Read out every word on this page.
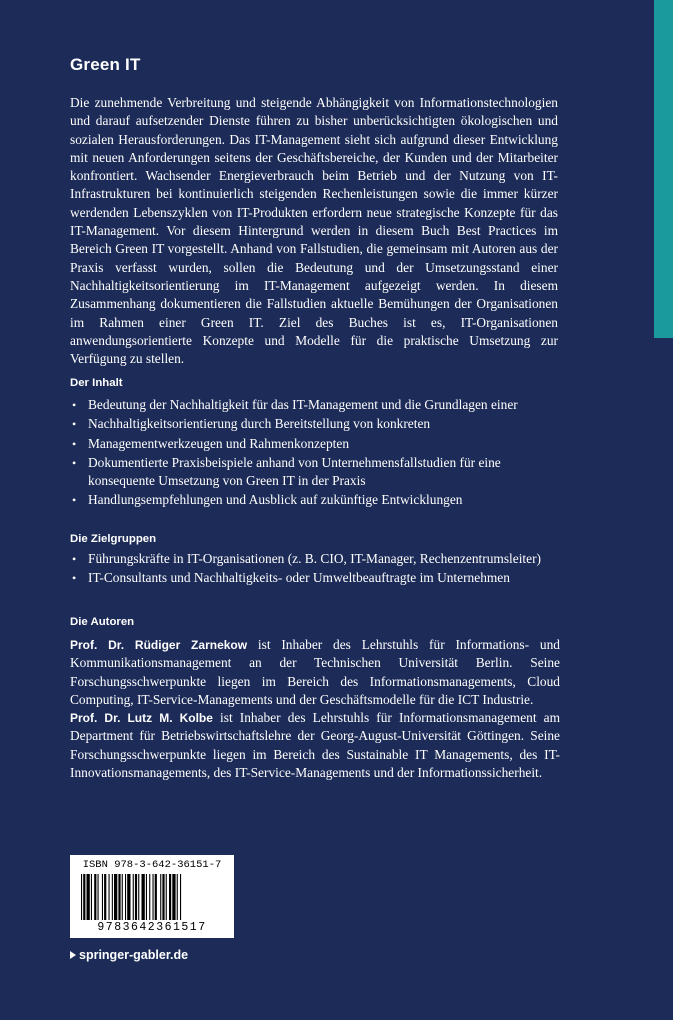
Green IT

Die zunehmende Verbreitung und steigende Abhängigkeit von Informationstechnologien und darauf aufsetzender Dienste führen zu bisher unberücksichtigten ökologischen und sozialen Herausforderungen. Das IT-Management sieht sich aufgrund dieser Entwicklung mit neuen Anforderungen seitens der Geschäftsbereiche, der Kunden und der Mitarbeiter konfrontiert. Wachsender Energieverbrauch beim Betrieb und der Nutzung von IT-Infrastrukturen bei kontinuierlich steigenden Rechenleistungen sowie die immer kürzer werdenden Lebenszyklen von IT-Produkten erfordern neue strategische Konzepte für das IT-Management. Vor diesem Hintergrund werden in diesem Buch Best Practices im Bereich Green IT vorgestellt. Anhand von Fallstudien, die gemeinsam mit Autoren aus der Praxis verfasst wurden, sollen die Bedeutung und der Umsetzungsstand einer Nachhaltigkeitsorientierung im IT-Management aufgezeigt werden. In diesem Zusammenhang dokumentieren die Fallstudien aktuelle Bemühungen der Organisationen im Rahmen einer Green IT. Ziel des Buches ist es, IT-Organisationen anwendungsorientierte Konzepte und Modelle für die praktische Umsetzung zur Verfügung zu stellen.

Der Inhalt
• Bedeutung der Nachhaltigkeit für das IT-Management und die Grundlagen einer
• Nachhaltigkeitsorientierung durch Bereitstellung von konkreten
• Managementwerkzeugen und Rahmenkonzepten
• Dokumentierte Praxisbeispiele anhand von Unternehmensfallstudien für eine konsequente Umsetzung von Green IT in der Praxis
• Handlungsempfehlungen und Ausblick auf zukünftige Entwicklungen
Die Zielgruppen
• Führungskräfte in IT-Organisationen (z. B. CIO, IT-Manager, Rechenzentrumsleiter)
• IT-Consultants und Nachhaltigkeits- oder Umweltbeauftragte im Unternehmen
Die Autoren

Prof. Dr. Rüdiger Zarnekow ist Inhaber des Lehrstuhls für Informations- und Kommunikationsmanagement an der Technischen Universität Berlin. Seine Forschungsschwerpunkte liegen im Bereich des Informationsmanagements, Cloud Computing, IT-Service-Managements und der Geschäftsmodelle für die ICT Industrie.
Prof. Dr. Lutz M. Kolbe ist Inhaber des Lehrstuhls für Informationsmanagement am Department für Betriebswirtschaftslehre der Georg-August-Universität Göttingen. Seine Forschungsschwerpunkte liegen im Bereich des Sustainable IT Managements, des IT-Innovationsmanagements, des IT-Service-Managements und der Informationssicherheit.

ISBN 978-3-642-36151-7
9783642361517
springer-gabler.de
